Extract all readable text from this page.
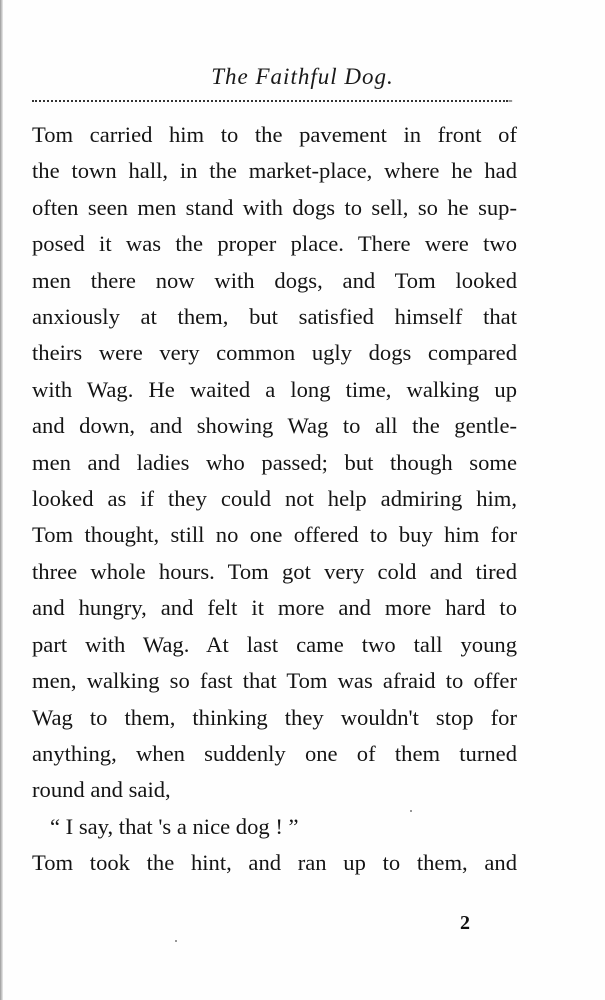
The Faithful Dog.
-
Tom carried him to the pavement in front of
the town hall, in the market-place, where he had
often seen men stand with dogs to sell, so he sup-
posed it was the proper place. There were two
men there now with dogs, and Tom looked
anxiously at them, but satisfied himself that
theirs were very common ugly dogs compared
with Wag. He waited a long time, walking up
and down, and showing Wag to all the gentle-
men and ladies who passed; but though some
looked as if they could not help admiring him,
Tom thought, still no one offered to buy him for
three whole hours. Tom got very cold and tired
and hungry, and felt it more and more hard to
part with Wag. At last came two tall young
men, walking so fast that Tom was afraid to offer
Wag to them, thinking they wouldn't stop for
anything, when suddenly one of them turned
round and said,
“ I say, that 's a nice dog ! ”
Tom took the hint, and ran up to them, and
2
